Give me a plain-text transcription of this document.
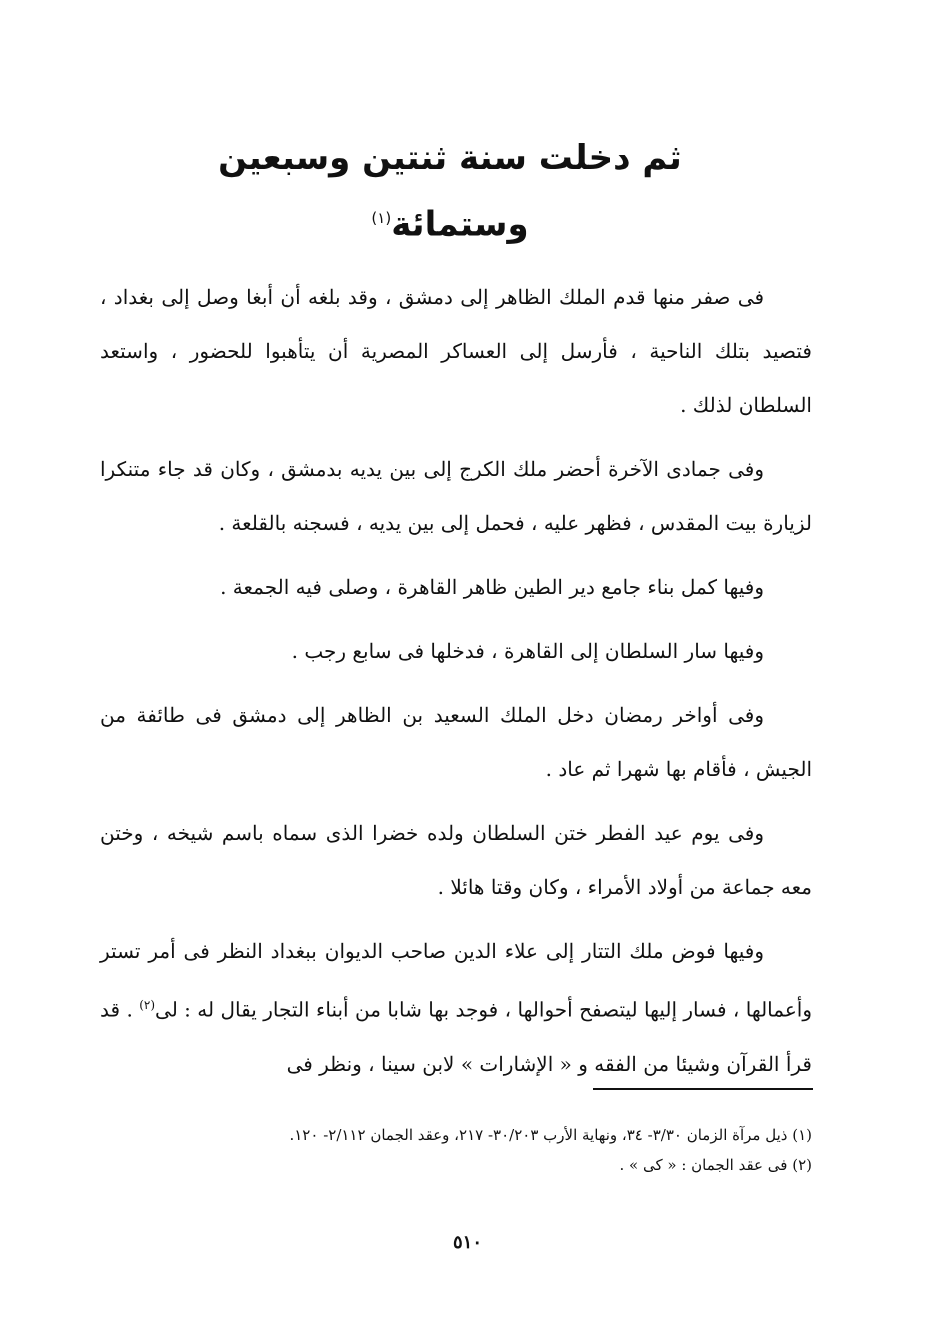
ثم دخلت سنة ثنتين وسبعين وستمائة$^{(١)}$

فى صفر منها قدم الملك الظاهر إلى دمشق ، وقد بلغه أن أبغا وصل إلى بغداد ، فتصيد بتلك الناحية ، فأرسل إلى العساكر المصرية أن يتأهبوا للحضور ، واستعد السلطان لذلك .

وفى جمادى الآخرة أحضر ملك الكرج إلى بين يديه بدمشق ، وكان قد جاء متنكرا لزيارة بيت المقدس ، فظهر عليه ، فحمل إلى بين يديه ، فسجنه بالقلعة .

وفيها كمل بناء جامع دير الطين ظاهر القاهرة ، وصلى فيه الجمعة .

وفيها سار السلطان إلى القاهرة ، فدخلها فى سابع رجب .

وفى أواخر رمضان دخل الملك السعيد بن الظاهر إلى دمشق فى طائفة من الجيش ، فأقام بها شهرا ثم عاد .

وفى يوم عيد الفطر ختن السلطان ولده خضرا الذى سماه باسم شيخه ، وختن معه جماعة من أولاد الأمراء ، وكان وقتا هائلا .

وفيها فوض ملك التتار إلى علاء الدين صاحب الديوان ببغداد النظر فى أمر تستر وأعمالها ، فسار إليها ليتصفح أحوالها ، فوجد بها شابا من أبناء التجار يقال له : لى$^{(٢)}$ . قد قرأ القرآن وشيئا من الفقه و « الإشارات » لابن سينا ، ونظر فى

(١) ذيل مرآة الزمان ٣/٣٠- ٣٤، ونهاية الأرب ٣٠/٢٠٣- ٢١٧، وعقد الجمان ٢/١١٢- ١٢٠.
(٢) فى عقد الجمان : « كى » .
٥١٠
